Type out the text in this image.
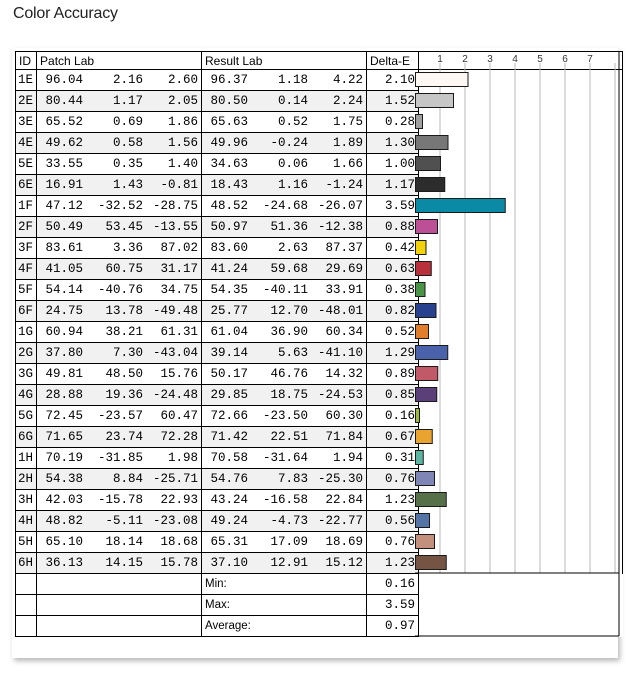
Color Accuracy
ID	Patch Lab	Result Lab	Delta-E	
1E	96.04 2.16 2.60	96.37 1.18 4.22	2.10	
2E	80.44 1.17 2.05	80.50 0.14 2.24	1.52	
3E	65.52 0.69 1.86	65.63 0.52 1.75	0.28	
4E	49.62 0.58 1.56	49.96 -0.24 1.89	1.30	
5E	33.55 0.35 1.40	34.63 0.06 1.66	1.00	
6E	16.91 1.43 -0.81	18.43 1.16 -1.24	1.17	
1F	47.12 -32.52 -28.75	48.52 -24.68 -26.07	3.59	
2F	50.49 53.45 -13.55	50.97 51.36 -12.38	0.88	
3F	83.61 3.36 87.02	83.60 2.63 87.37	0.42	
4F	41.05 60.75 31.17	41.24 59.68 29.69	0.63	
5F	54.14 -40.76 34.75	54.35 -40.11 33.91	0.38	
6F	24.75 13.78 -49.48	25.77 12.70 -48.01	0.82	
1G	60.94 38.21 61.31	61.04 36.90 60.34	0.52	
2G	37.80 7.30 -43.04	39.14 5.63 -41.10	1.29	
3G	49.81 48.50 15.76	50.17 46.76 14.32	0.89	
4G	28.88 19.36 -24.48	29.85 18.75 -24.53	0.85	
5G	72.45 -23.57 60.47	72.66 -23.50 60.30	0.16	
6G	71.65 23.74 72.28	71.42 22.51 71.84	0.67	
1H	70.19 -31.85 1.98	70.58 -31.64 1.94	0.31	
2H	54.38 8.84 -25.71	54.76 7.83 -25.30	0.76	
3H	42.03 -15.78 22.93	43.24 -16.58 22.84	1.23	
4H	48.82 -5.11 -23.08	49.24 -4.73 -22.77	0.56	
5H	65.10 18.14 18.68	65.31 17.09 18.69	0.76	
6H	36.13 14.15 15.78	37.10 12.91 15.12	1.23	
		Min:	0.16	
		Max:	3.59	
		Average:	0.97	
1 2 3 4 5 6 7
